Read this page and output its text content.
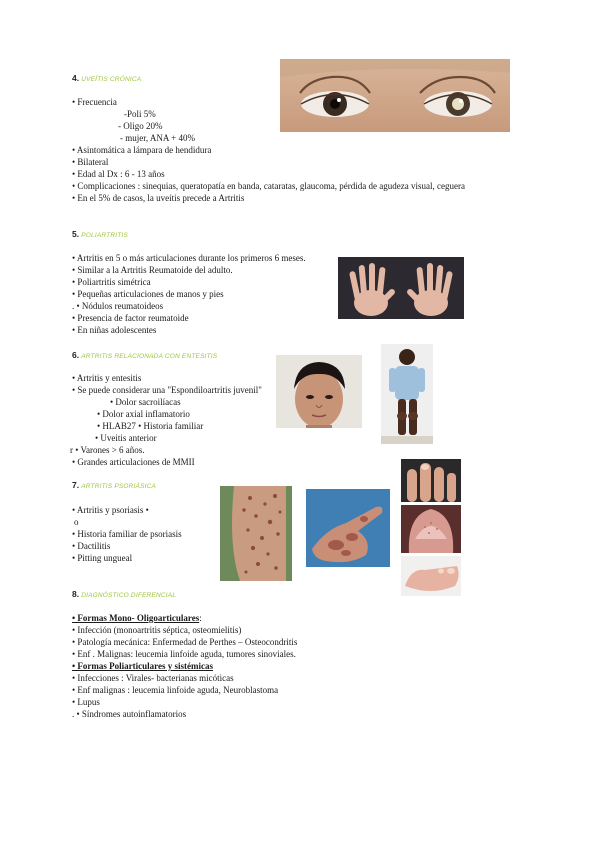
4. UVEÍTIS CRÓNICA
• Frecuencia
-Poli 5%
- Oligo 20%
- mujer, ANA + 40%
• Asintomática a lámpara de hendidura
• Bilateral
• Edad al Dx : 6 - 13 años
• Complicaciones : sinequias, queratopatía en banda, cataratas, glaucoma, pérdida de agudeza visual, ceguera
• En el 5% de casos, la uveítis precede a Artritis
5. POLIARTRITIS
• Artritis en 5 o más articulaciones durante los primeros 6 meses.
• Similar a la Artritis Reumatoide del adulto.
• Poliartritis simétrica
• Pequeñas articulaciones de manos y pies
. • Nódulos reumatoideos
• Presencia de factor reumatoide
• En niñas adolescentes
6. ARTRITIS RELACIONADA CON ENTESITIS
• Artritis y entesitis
• Se puede considerar una "Espondiloartritis juvenil"
• Dolor sacroilíacas
• Dolor axial inflamatorio
• HLAB27 • Historia familiar
• Uveitis anterior
r • Varones > 6 años.
• Grandes articulaciones de MMII
7. ARTRITIS PSORIÁSICA
• Artritis y psoriasis •
o
• Historia familiar de psoriasis
• Dactilitis
• Pitting ungueal
8. DIAGNÓSTICO DIFERENCIAL
• Formas Mono- Oligoarticulares:
• Infección (monoartritis séptica, osteomielitis)
• Patología mecánica: Enfermedad de Perthes – Osteocondritis
• Enf . Malignas: leucemia linfoide aguda, tumores sinoviales.
• Formas Poliarticulares y sistémicas
• Infecciones : Virales- bacterianas micóticas
• Enf malignas : leucemia linfoide aguda, Neuroblastoma
• Lupus
. • Síndromes autoinflamatorios
